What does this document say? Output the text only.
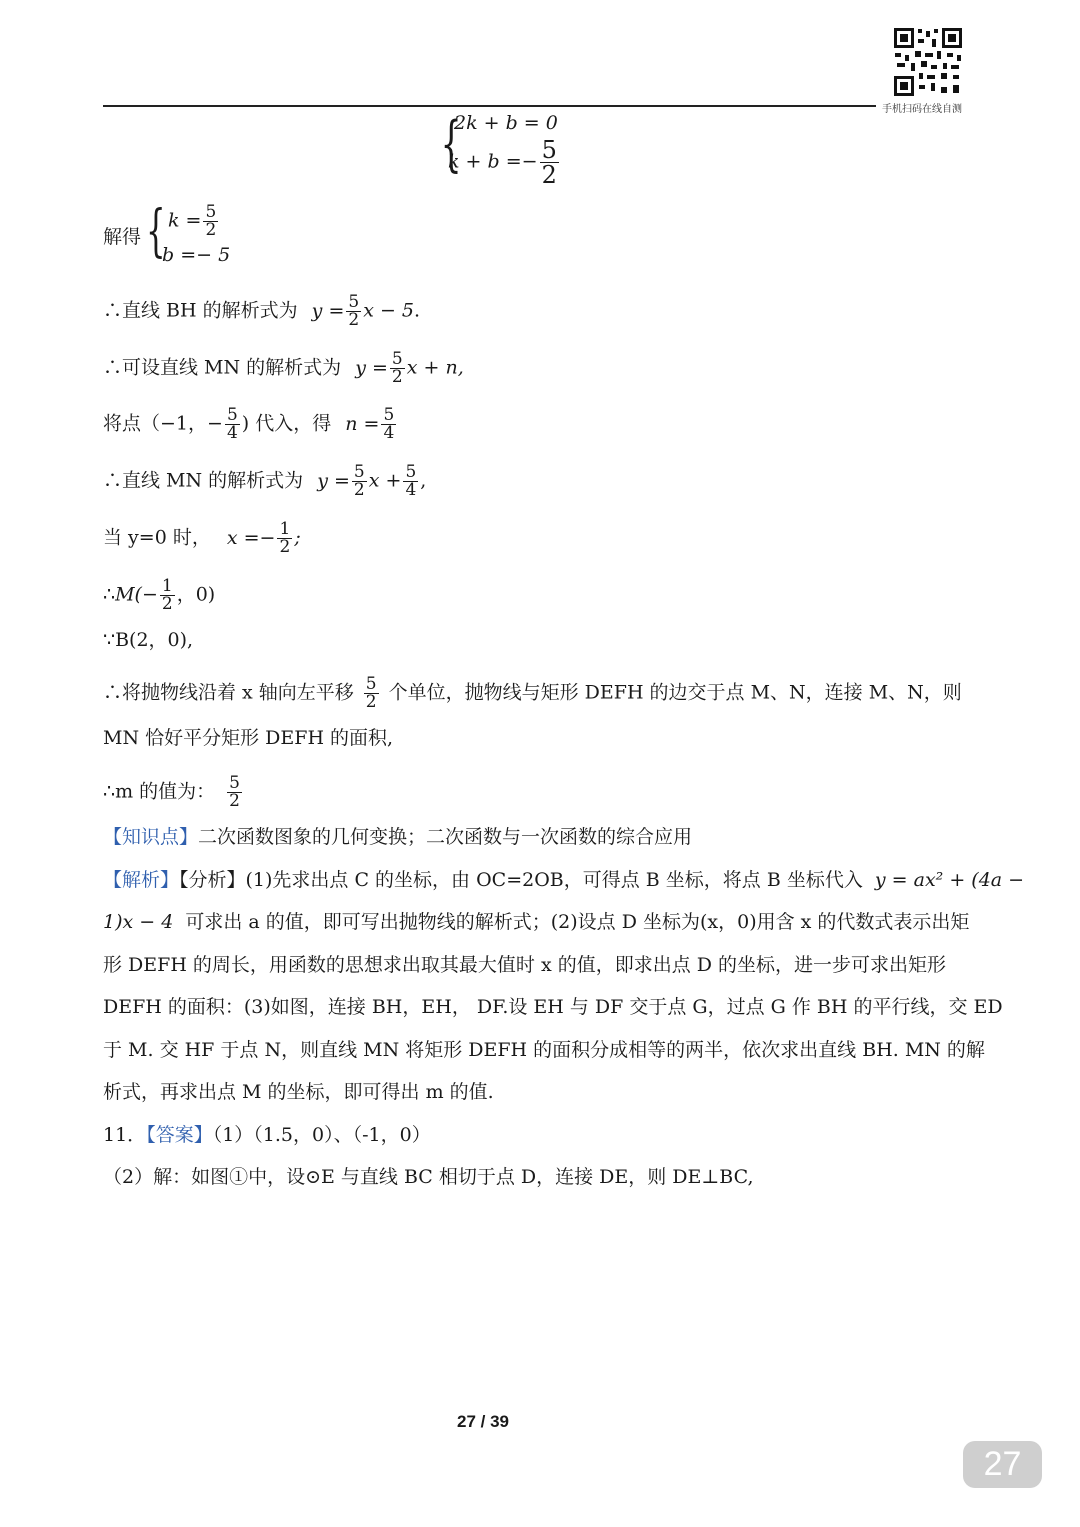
手机扫码在线自测
{
2k + b = 0
$k + b =- \frac{5}{2}$
解得 { $k = \frac{5}{2}$
b =− 5
∴直线 BH 的解析式为 $y = \frac{5}{2}$ x − 5.
∴可设直线 MN 的解析式为 $y = \frac{5}{2}$ x + n,
将点（−1，− $\frac{5}{4}$ ) 代入，得 $n = \frac{5}{4}$
∴直线 MN 的解析式为 $y = \frac{5}{2}$ $x + \frac{5}{4}$ ,
当 y=0 时， $x =- \frac{1}{2}$ ;
∴M(− $\frac{1}{2}$ ，0)
∵B(2，0),
∴将抛物线沿着 x 轴向左平移 $\frac{5}{2}$ 个单位，抛物线与矩形 DEFH 的边交于点 M、N，连接 M、N，则
MN 恰好平分矩形 DEFH 的面积,
∴m 的值为： $\frac{5}{2}$
【知识点】二次函数图象的几何变换；二次函数与一次函数的综合应用
【解析】【分析】(1)先求出点 C 的坐标，由 OC=2OB，可得点 B 坐标，将点 B 坐标代入 y = ax² + (4a −
1)x − 4 可求出 a 的值，即可写出抛物线的解析式；(2)设点 D 坐标为(x，0)用含 x 的代数式表示出矩
形 DEFH 的周长，用函数的思想求出取其最大值时 x 的值，即求出点 D 的坐标，进一步可求出矩形
DEFH 的面积：(3)如图，连接 BH，EH， DF.设 EH 与 DF 交于点 G，过点 G 作 BH 的平行线，交 ED
于 M. 交 HF 于点 N，则直线 MN 将矩形 DEFH 的面积分成相等的两半，依次求出直线 BH. MN 的解
析式，再求出点 M 的坐标，即可得出 m 的值.
11．【答案】（1）（1.5，0）、（-1，0）
（2）解：如图①中，设⊙E 与直线 BC 相切于点 D，连接 DE，则 DE⊥BC,
27 / 39
27
